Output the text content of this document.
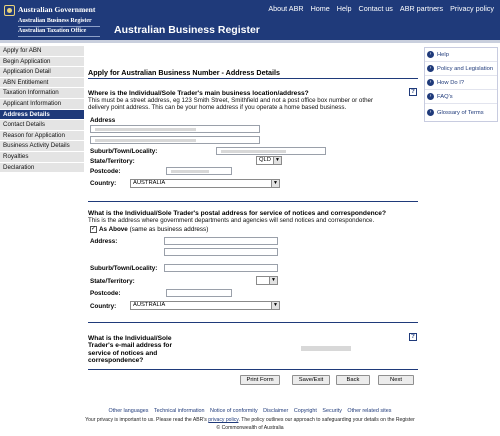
Australian Government
Australian Business Register
Australian Taxation Office	Australian Business Register
About ABR Home Help Contact us ABR partners Privacy policy
Apply for ABN
Begin Application
Application Detail
ABN Entitlement
Taxation Information
Applicant Information
Address Details
Contact Details
Reason for Application
Business Activity Details
Royalties
Declaration
› Help
› Policy and Legislation
› How Do I?
› FAQ's
› Glossary of Terms
Apply for Australian Business Number - Address Details
?
Where is the Individual/Sole Trader's main business location/address?
This must be a street address, eg 123 Smith Street, Smithfield and not a post office box number or other delivery point address. This can be your home address if you operate a home based business.
Address
Suburb/Town/Locality:
State/Territory:	QLD ▼
Postcode:
Country:	AUSTRALIA	▼
What is the Individual/Sole Trader's postal address for service of notices and correspondence?
This is the address where government departments and agencies will send notices and correspondence.
✓ As Above (same as business address)
Address:
Suburb/Town/Locality:
State/Territory:	▼
Postcode:
Country:	AUSTRALIA	▼
?
What is the Individual/Sole Trader's e-mail address for service of notices and correspondence?
Print Form	Save/Exit	Back	Next
Other languages Technical information Notice of conformity Disclaimer Copyright Security Other related sites
Your privacy is important to us. Please read the ABR's privacy policy. The policy outlines our approach to safeguarding your details on the Register
© Commonwealth of Australia
